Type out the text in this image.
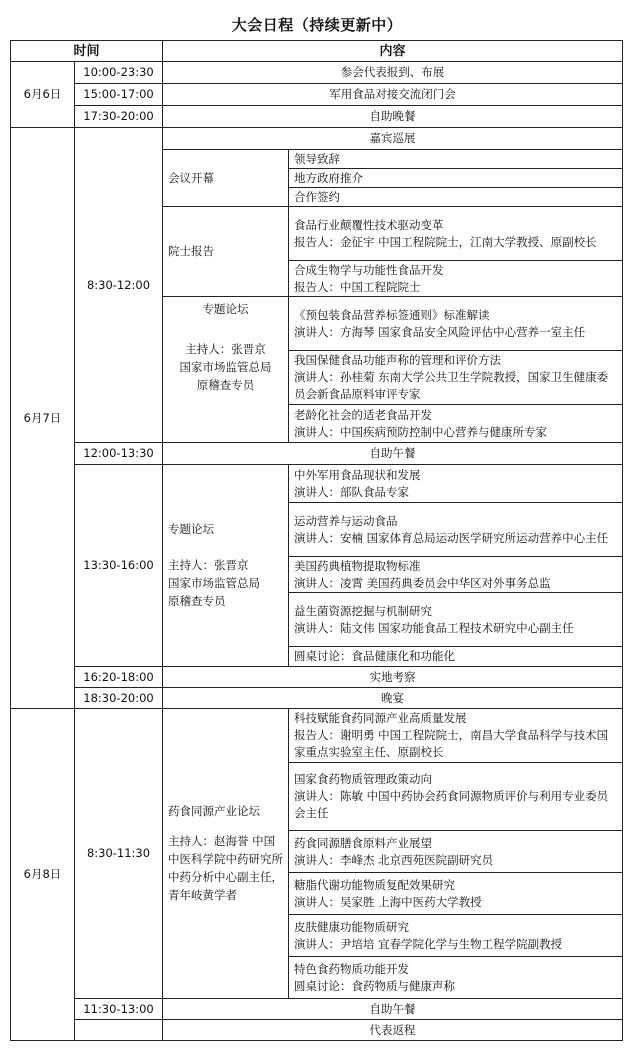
大会日程（持续更新中）
时间		内容	
6月6日	10:00-23:30	参会代表报到、布展	
	15:00-17:00	军用食品对接交流闭门会	
	17:30-20:00	自助晚餐	
6月7日	8:30-12:00	嘉宾巡展	
		会议开幕	领导致辞
			地方政府推介
			合作签约
		院士报告	食品行业颠覆性技术驱动变革
报告人：金征宇 中国工程院院士，江南大学教授、原副校长

			合成生物学与功能性食品开发
报告人：中国工程院院士

		专题论坛
主持人：张晋京
国家市场监管总局
原稽查专员	《预包装食品营养标签通则》标准解读
演讲人：方海琴 国家食品安全风险评估中心营养一室主任

			我国保健食品功能声称的管理和评价方法
演讲人：孙桂菊 东南大学公共卫生学院教授，国家卫生健康委员会新食品原料审评专家

			老龄化社会的适老食品开发
演讲人：中国疾病预防控制中心营养与健康所专家

	12:00-13:30	自助午餐	
	13:30-16:00	专题论坛
主持人：张晋京
国家市场监管总局
原稽查专员	中外军用食品现状和发展
演讲人：部队食品专家

			运动营养与运动食品
演讲人：安楠 国家体育总局运动医学研究所运动营养中心主任

			美国药典植物提取物标准
演讲人：凌霄 美国药典委员会中华区对外事务总监

			益生菌资源挖掘与机制研究
演讲人：陆文伟 国家功能食品工程技术研究中心副主任

			圆桌讨论：食品健康化和功能化

	16:20-18:00	实地考察	
	18:30-20:00	晚宴	
6月8日	8:30-11:30	药食同源产业论坛
主持人：赵海誉 中国中医科学院中药研究所中药分析中心副主任，青年岐黄学者	科技赋能食药同源产业高质量发展
报告人：谢明勇 中国工程院院士，南昌大学食品科学与技术国家重点实验室主任、原副校长

			国家食药物质管理政策动向
演讲人：陈敏 中国中药协会药食同源物质评价与利用专业委员会主任

			药食同源膳食原料产业展望
演讲人：李峰杰 北京西苑医院副研究员

			糖脂代谢功能物质复配效果研究
演讲人：吴家胜 上海中医药大学教授

			皮肤健康功能物质研究
演讲人：尹培培 宜春学院化学与生物工程学院副教授

			特色食药物质功能开发
圆桌讨论：食药物质与健康声称

	11:30-13:00	自助午餐	
		代表返程	
